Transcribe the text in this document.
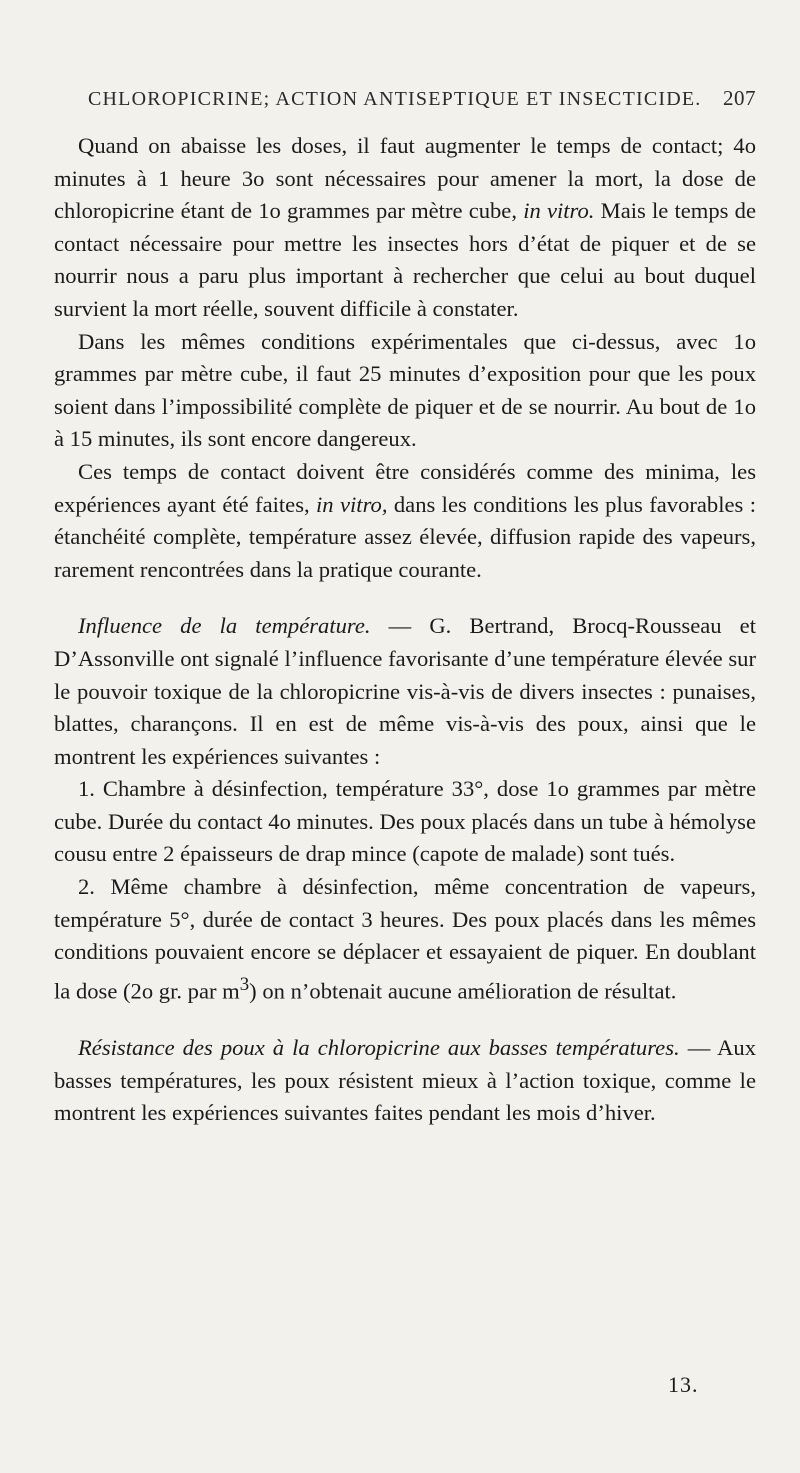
CHLOROPICRINE; ACTION ANTISEPTIQUE ET INSECTICIDE. 207

Quand on abaisse les doses, il faut augmenter le temps de contact; 4o minutes à 1 heure 3o sont nécessaires pour amener la mort, la dose de chloropicrine étant de 1o grammes par mètre cube, in vitro. Mais le temps de contact nécessaire pour mettre les insectes hors d’état de piquer et de se nourrir nous a paru plus important à rechercher que celui au bout duquel survient la mort réelle, souvent difficile à constater.

Dans les mêmes conditions expérimentales que ci-dessus, avec 1o grammes par mètre cube, il faut 25 minutes d’exposition pour que les poux soient dans l’impossibilité complète de piquer et de se nourrir. Au bout de 1o à 15 minutes, ils sont encore dangereux.

Ces temps de contact doivent être considérés comme des minima, les expériences ayant été faites, in vitro, dans les conditions les plus favorables : étanchéité complète, température assez élevée, diffusion rapide des vapeurs, rarement rencontrées dans la pratique courante.

Influence de la température. — G. Bertrand, Brocq-Rousseau et D’Assonville ont signalé l’influence favorisante d’une température élevée sur le pouvoir toxique de la chloropicrine vis-à-vis de divers insectes : punaises, blattes, charançons. Il en est de même vis-à-vis des poux, ainsi que le montrent les expériences suivantes :

1. Chambre à désinfection, température 33°, dose 1o grammes par mètre cube. Durée du contact 4o minutes. Des poux placés dans un tube à hémolyse cousu entre 2 épaisseurs de drap mince (capote de malade) sont tués.

2. Même chambre à désinfection, même concentration de vapeurs, température 5°, durée de contact 3 heures. Des poux placés dans les mêmes conditions pouvaient encore se déplacer et essayaient de piquer. En doublant la dose (2o gr. par $m^3$) on n’obtenait aucune amélioration de résultat.

Résistance des poux à la chloropicrine aux basses températures. — Aux basses températures, les poux résistent mieux à l’action toxique, comme le montrent les expériences suivantes faites pendant les mois d’hiver.

13.
